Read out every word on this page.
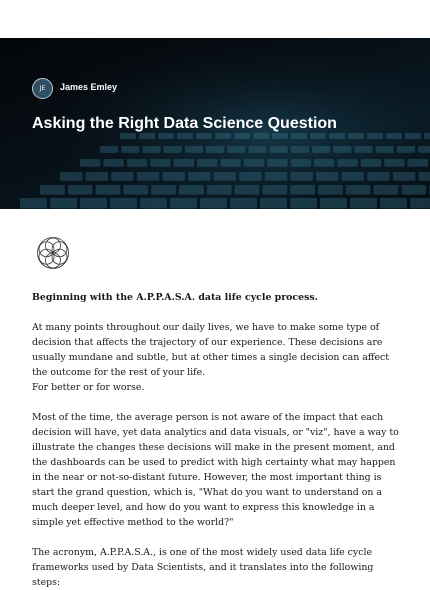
JE	James Emley
Asking the Right Data Science Question

Beginning with the A.P.P.A.S.A. data life cycle process.

At many points throughout our daily lives, we have to make some type of decision that affects the trajectory of our experience. These decisions are usually mundane and subtle, but at other times a single decision can affect the outcome for the rest of your life.

For better or for worse.

Most of the time, the average person is not aware of the impact that each decision will have, yet data analytics and data visuals, or "viz", have a way to illustrate the changes these decisions will make in the present moment, and the dashboards can be used to predict with high certainty what may happen in the near or not-so-distant future. However, the most important thing is start the grand question, which is, "What do you want to understand on a much deeper level, and how do you want to express this knowledge in a simple yet effective method to the world?"

The acronym, A.P.P.A.S.A., is one of the most widely used data life cycle frameworks used by Data Scientists, and it translates into the following steps:
